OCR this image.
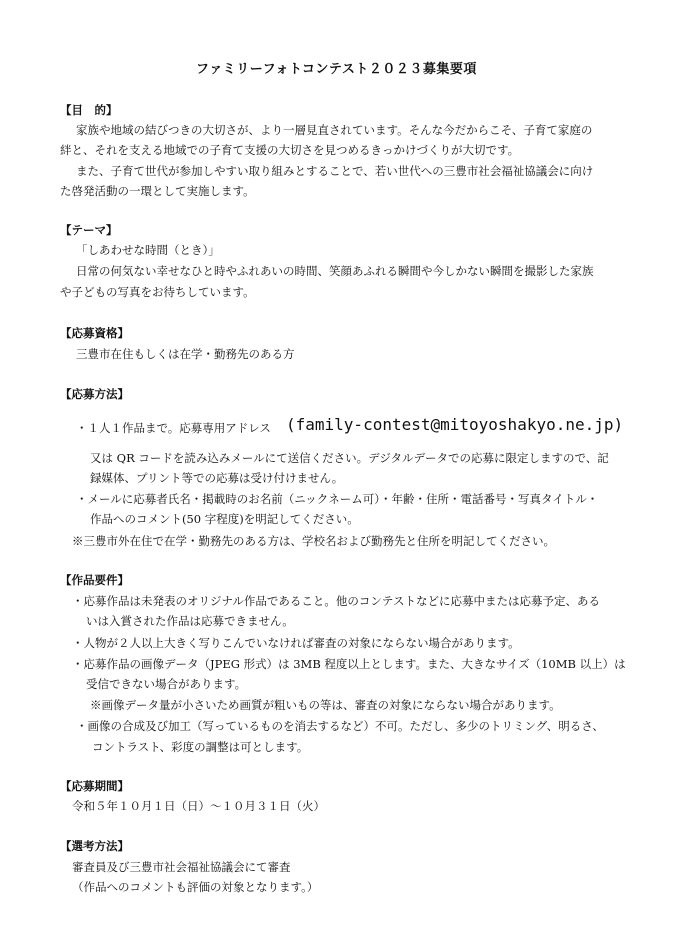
ファミリーフォトコンテスト２０２３募集要項
【目　的】
家族や地域の結びつきの大切さが、より一層見直されています。そんな今だからこそ、子育て家庭の
絆と、それを支える地域での子育て支援の大切さを見つめるきっかけづくりが大切です。
また、子育て世代が参加しやすい取り組みとすることで、若い世代への三豊市社会福祉協議会に向け
た啓発活動の一環として実施します。
【テーマ】
「しあわせな時間（とき）」
日常の何気ない幸せなひと時やふれあいの時間、笑顔あふれる瞬間や今しかない瞬間を撮影した家族
や子どもの写真をお待ちしています。
【応募資格】
三豊市在住もしくは在学・勤務先のある方
【応募方法】
・１人１作品まで。応募専用アドレス (family-contest@mitoyoshakyo.ne.jp)
又は QR コードを読み込みメールにて送信ください。デジタルデータでの応募に限定しますので、記
録媒体、プリント等での応募は受け付けません。
・メールに応募者氏名・掲載時のお名前（ニックネーム可）・年齢・住所・電話番号・写真タイトル・
作品へのコメント(50 字程度)を明記してください。
※三豊市外在住で在学・勤務先のある方は、学校名および勤務先と住所を明記してください。
【作品要件】
・応募作品は未発表のオリジナル作品であること。他のコンテストなどに応募中または応募予定、ある
いは入賞された作品は応募できません。
・人物が２人以上大きく写りこんでいなければ審査の対象にならない場合があります。
・応募作品の画像データ（JPEG 形式）は 3MB 程度以上とします。また、大きなサイズ（10MB 以上）は
受信できない場合があります。
※画像データ量が小さいため画質が粗いもの等は、審査の対象にならない場合があります。
・画像の合成及び加工（写っているものを消去するなど）不可。ただし、多少のトリミング、明るさ、
コントラスト、彩度の調整は可とします。
【応募期間】
令和５年１０月１日（日）～１０月３１日（火）
【選考方法】
審査員及び三豊市社会福祉協議会にて審査
（作品へのコメントも評価の対象となります。）
